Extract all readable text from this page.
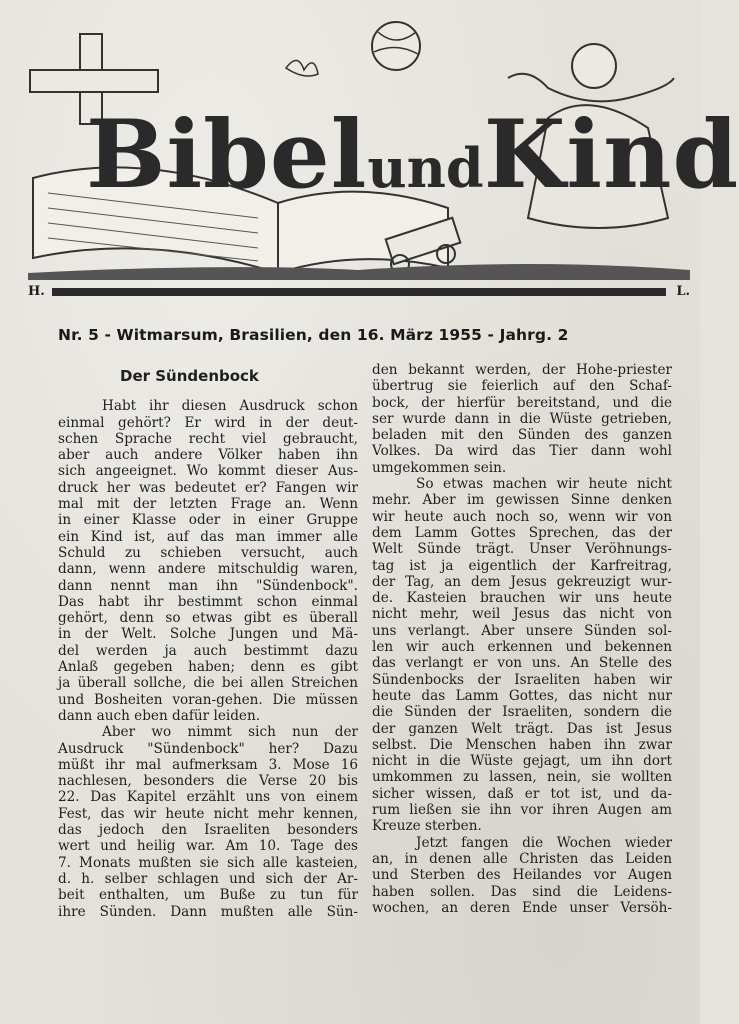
BibelundKind
H.	L.
Nr. 5 - Witmarsum, Brasilien, den 16. März 1955 - Jahrg. 2
Der Sündenbock
Habt ihr diesen Ausdruck schon
einmal gehört? Er wird in der deut-
schen Sprache recht viel gebraucht,
aber auch andere Völker haben ihn
sich angeeignet. Wo kommt dieser Aus-
druck her was bedeutet er? Fangen wir
mal mit der letzten Frage an. Wenn
in einer Klasse oder in einer Gruppe
ein Kind ist, auf das man immer alle
Schuld zu schieben versucht, auch
dann, wenn andere mitschuldig waren,
dann nennt man ihn "Sündenbock".
Das habt ihr bestimmt schon einmal
gehört, denn so etwas gibt es überall
in der Welt. Solche Jungen und Mä-
del werden ja auch bestimmt dazu
Anlaß gegeben haben; denn es gibt
ja überall sollche, die bei allen Streichen
und Bosheiten voran-gehen. Die müssen
dann auch eben dafür leiden.
Aber wo nimmt sich nun der
Ausdruck "Sündenbock" her? Dazu
müßt ihr mal aufmerksam 3. Mose 16
nachlesen, besonders die Verse 20 bis
22. Das Kapitel erzählt uns von einem
Fest, das wir heute nicht mehr kennen,
das jedoch den Israeliten besonders
wert und heilig war. Am 10. Tage des
7. Monats mußten sie sich alle kasteien,
d. h. selber schlagen und sich der Ar-
beit enthalten, um Buße zu tun für
ihre Sünden. Dann mußten alle Sün-
den bekannt werden, der Hohe-priester
übertrug sie feierlich auf den Schaf-
bock, der hierfür bereitstand, und die
ser wurde dann in die Wüste getrieben,
beladen mit den Sünden des ganzen
Volkes. Da wird das Tier dann wohl
umgekommen sein.
So etwas machen wir heute nicht
mehr. Aber im gewissen Sinne denken
wir heute auch noch so, wenn wir von
dem Lamm Gottes Sprechen, das der
Welt Sünde trägt. Unser Veröhnungs-
tag ist ja eigentlich der Karfreitrag,
der Tag, an dem Jesus gekreuzigt wur-
de. Kasteien brauchen wir uns heute
nicht mehr, weil Jesus das nicht von
uns verlangt. Aber unsere Sünden sol-
len wir auch erkennen und bekennen
das verlangt er von uns. An Stelle des
Sündenbocks der Israeliten haben wir
heute das Lamm Gottes, das nicht nur
die Sünden der Israeliten, sondern die
der ganzen Welt trägt. Das ist Jesus
selbst. Die Menschen haben ihn zwar
nicht in die Wüste gejagt, um ihn dort
umkommen zu lassen, nein, sie wollten
sicher wissen, daß er tot ist, und da-
rum ließen sie ihn vor ihren Augen am
Kreuze sterben.
Jetzt fangen die Wochen wieder
an, in denen alle Christen das Leiden
und Sterben des Heilandes vor Augen
haben sollen. Das sind die Leidens-
wochen, an deren Ende unser Versöh-
